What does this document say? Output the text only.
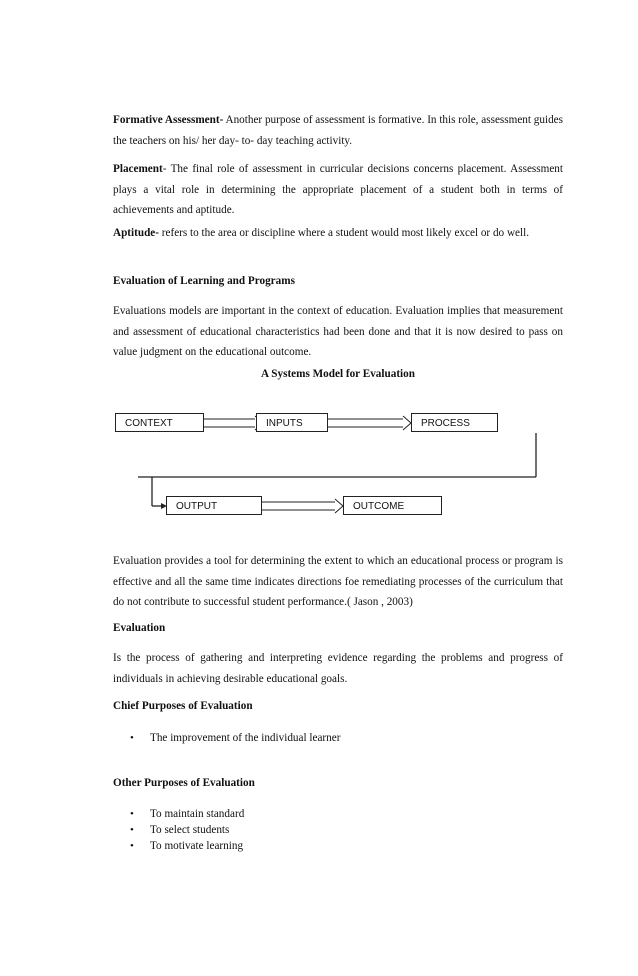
Formative Assessment- Another purpose of assessment is formative. In this role, assessment guides the teachers on his/ her day- to- day teaching activity.

Placement- The final role of assessment in curricular decisions concerns placement. Assessment plays a vital role in determining the appropriate placement of a student both in terms of achievements and aptitude.

Aptitude- refers to the area or discipline where a student would most likely excel or do well.

Evaluation of Learning and Programs

Evaluations models are important in the context of education. Evaluation implies that measurement and assessment of educational characteristics had been done and that it is now desired to pass on value judgment on the educational outcome.

A Systems Model for Evaluation

CONTEXT	INPUTS	PROCESS
OUTPUT	OUTCOME

Evaluation provides a tool for determining the extent to which an educational process or program is effective and all the same time indicates directions foe remediating processes of the curriculum that do not contribute to successful student performance.( Jason , 2003)

Evaluation

Is the process of gathering and interpreting evidence regarding the problems and progress of individuals in achieving desirable educational goals.

Chief Purposes of Evaluation

• The improvement of the individual learner

Other Purposes of Evaluation

• To maintain standard
• To select students
• To motivate learning
